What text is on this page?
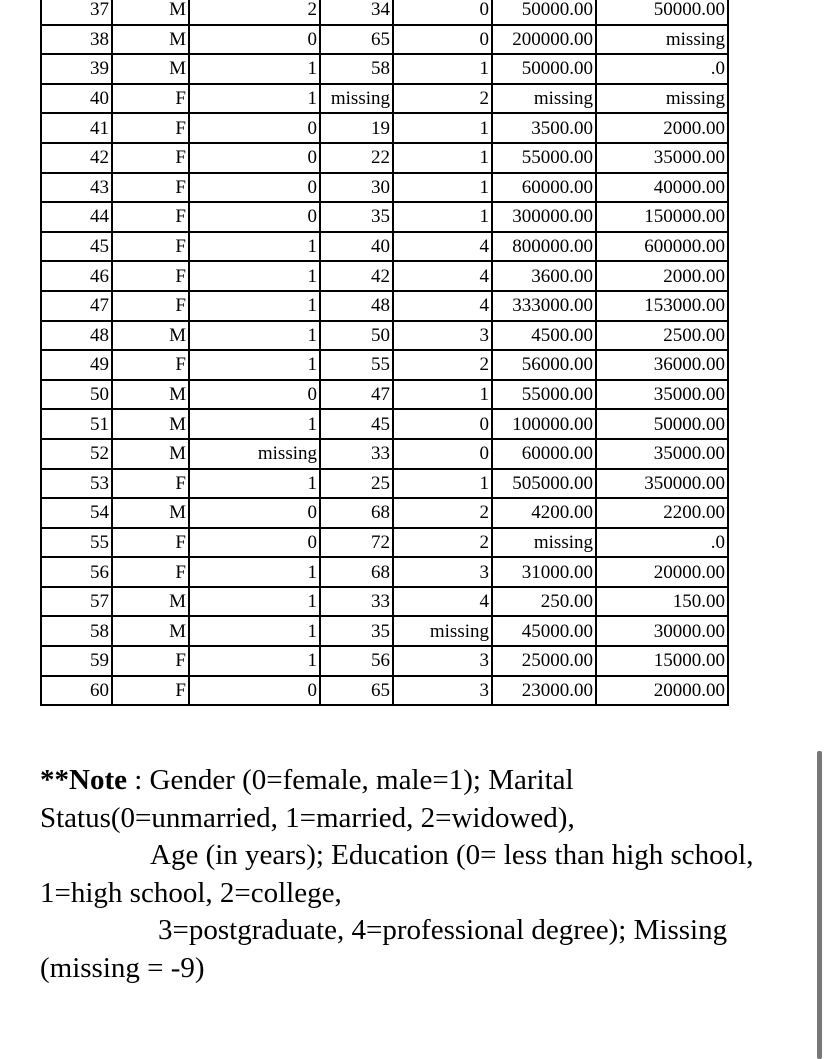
37	M	2	34	0	50000.00	50000.00
38	M	0	65	0	200000.00	missing
39	M	1	58	1	50000.00	.0
40	F	1	missing	2	missing	missing
41	F	0	19	1	3500.00	2000.00
42	F	0	22	1	55000.00	35000.00
43	F	0	30	1	60000.00	40000.00
44	F	0	35	1	300000.00	150000.00
45	F	1	40	4	800000.00	600000.00
46	F	1	42	4	3600.00	2000.00
47	F	1	48	4	333000.00	153000.00
48	M	1	50	3	4500.00	2500.00
49	F	1	55	2	56000.00	36000.00
50	M	0	47	1	55000.00	35000.00
51	M	1	45	0	100000.00	50000.00
52	M	missing	33	0	60000.00	35000.00
53	F	1	25	1	505000.00	350000.00
54	M	0	68	2	4200.00	2200.00
55	F	0	72	2	missing	.0
56	F	1	68	3	31000.00	20000.00
57	M	1	33	4	250.00	150.00
58	M	1	35	missing	45000.00	30000.00
59	F	1	56	3	25000.00	15000.00
60	F	0	65	3	23000.00	20000.00
**Note : Gender (0=female, male=1); Marital
Status(0=unmarried, 1=married, 2=widowed),
Age (in years); Education (0= less than high school,
1=high school, 2=college,
3=postgraduate, 4=professional degree); Missing
(missing = -9)
